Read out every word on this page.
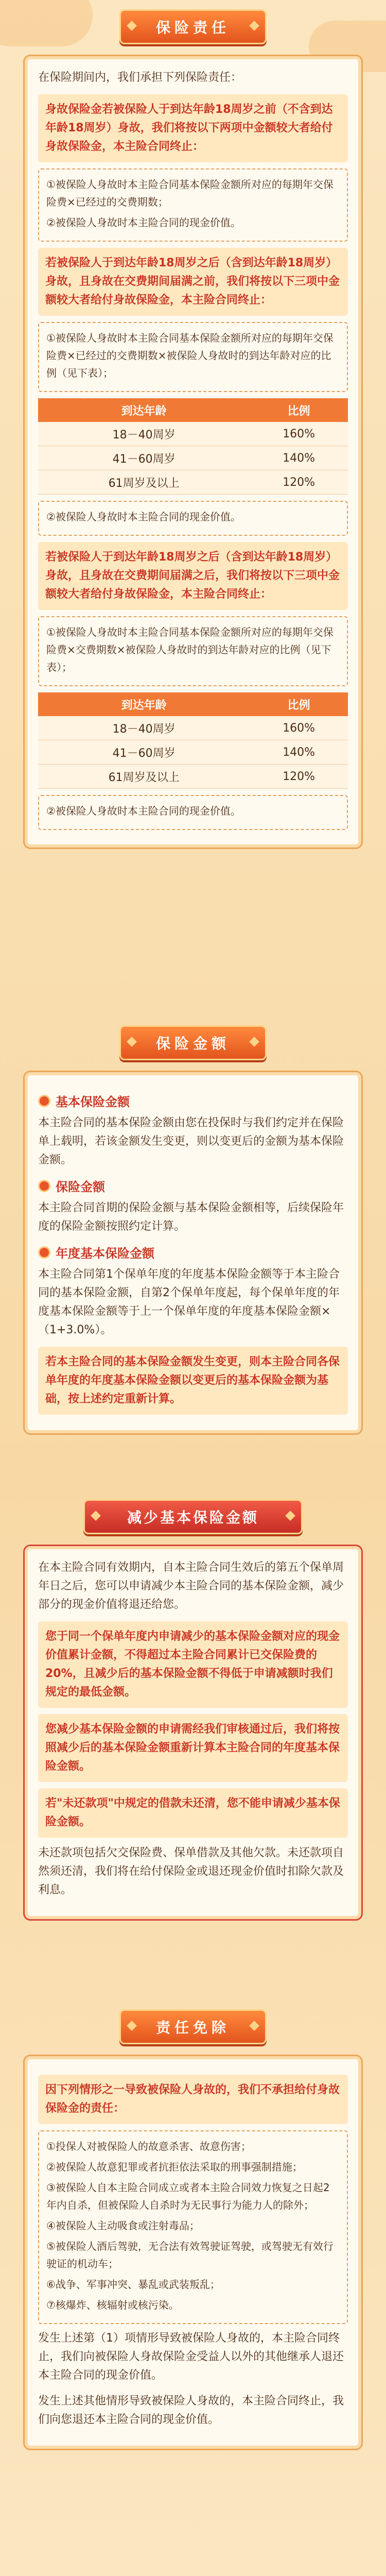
保险责任

在保险期间内，我们承担下列保险责任：

身故保险金若被保险人于到达年龄18周岁之前（不含到达年龄18周岁）身故，我们将按以下两项中金额较大者给付身故保险金，本主险合同终止：

①被保险人身故时本主险合同基本保险金额所对应的每期年交保险费×已经过的交费期数；

②被保险人身故时本主险合同的现金价值。

若被保险人于到达年龄18周岁之后（含到达年龄18周岁）身故，且身故在交费期间届满之前，我们将按以下三项中金额较大者给付身故保险金，本主险合同终止：

①被保险人身故时本主险合同基本保险金额所对应的每期年交保险费×已经过的交费期数×被保险人身故时的到达年龄对应的比例（见下表）；

到达年龄	比例
18－40周岁	160%
41－60周岁	140%
61周岁及以上	120%

②被保险人身故时本主险合同的现金价值。

若被保险人于到达年龄18周岁之后（含到达年龄18周岁）身故，且身故在交费期间届满之后，我们将按以下三项中金额较大者给付身故保险金，本主险合同终止：

①被保险人身故时本主险合同基本保险金额所对应的每期年交保险费×交费期数×被保险人身故时的到达年龄对应的比例（见下表）；

到达年龄	比例
18－40周岁	160%
41－60周岁	140%
61周岁及以上	120%

②被保险人身故时本主险合同的现金价值。

保险金额
基本保险金额

本主险合同的基本保险金额由您在投保时与我们约定并在保险单上载明，若该金额发生变更，则以变更后的金额为基本保险金额。

保险金额

本主险合同首期的保险金额与基本保险金额相等，后续保险年度的保险金额按照约定计算。

年度基本保险金额

本主险合同第1个保单年度的年度基本保险金额等于本主险合同的基本保险金额，自第2个保单年度起，每个保单年度的年度基本保险金额等于上一个保单年度的年度基本保险金额×（1+3.0%）。

若本主险合同的基本保险金额发生变更，则本主险合同各保单年度的年度基本保险金额以变更后的基本保险金额为基础，按上述约定重新计算。

减少基本保险金额

在本主险合同有效期内，自本主险合同生效后的第五个保单周年日之后，您可以申请减少本主险合同的基本保险金额，减少部分的现金价值将退还给您。

您于同一个保单年度内申请减少的基本保险金额对应的现金价值累计金额，不得超过本主险合同累计已交保险费的20%，且减少后的基本保险金额不得低于申请减额时我们规定的最低金额。

您减少基本保险金额的申请需经我们审核通过后，我们将按照减少后的基本保险金额重新计算本主险合同的年度基本保险金额。

若"未还款项"中规定的借款未还清，您不能申请减少基本保险金额。

未还款项包括欠交保险费、保单借款及其他欠款。未还款项自然须还清，我们将在给付保险金或退还现金价值时扣除欠款及利息。

责任免除

因下列情形之一导致被保险人身故的，我们不承担给付身故保险金的责任：

①投保人对被保险人的故意杀害、故意伤害；

②被保险人故意犯罪或者抗拒依法采取的刑事强制措施；

③被保险人自本主险合同成立或者本主险合同效力恢复之日起2年内自杀，但被保险人自杀时为无民事行为能力人的除外；

④被保险人主动吸食或注射毒品；

⑤被保险人酒后驾驶，无合法有效驾驶证驾驶，或驾驶无有效行驶证的机动车；

⑥战争、军事冲突、暴乱或武装叛乱；

⑦核爆炸、核辐射或核污染。

发生上述第（1）项情形导致被保险人身故的，本主险合同终止，我们向被保险人身故保险金受益人以外的其他继承人退还本主险合同的现金价值。

发生上述其他情形导致被保险人身故的，本主险合同终止，我们向您退还本主险合同的现金价值。
